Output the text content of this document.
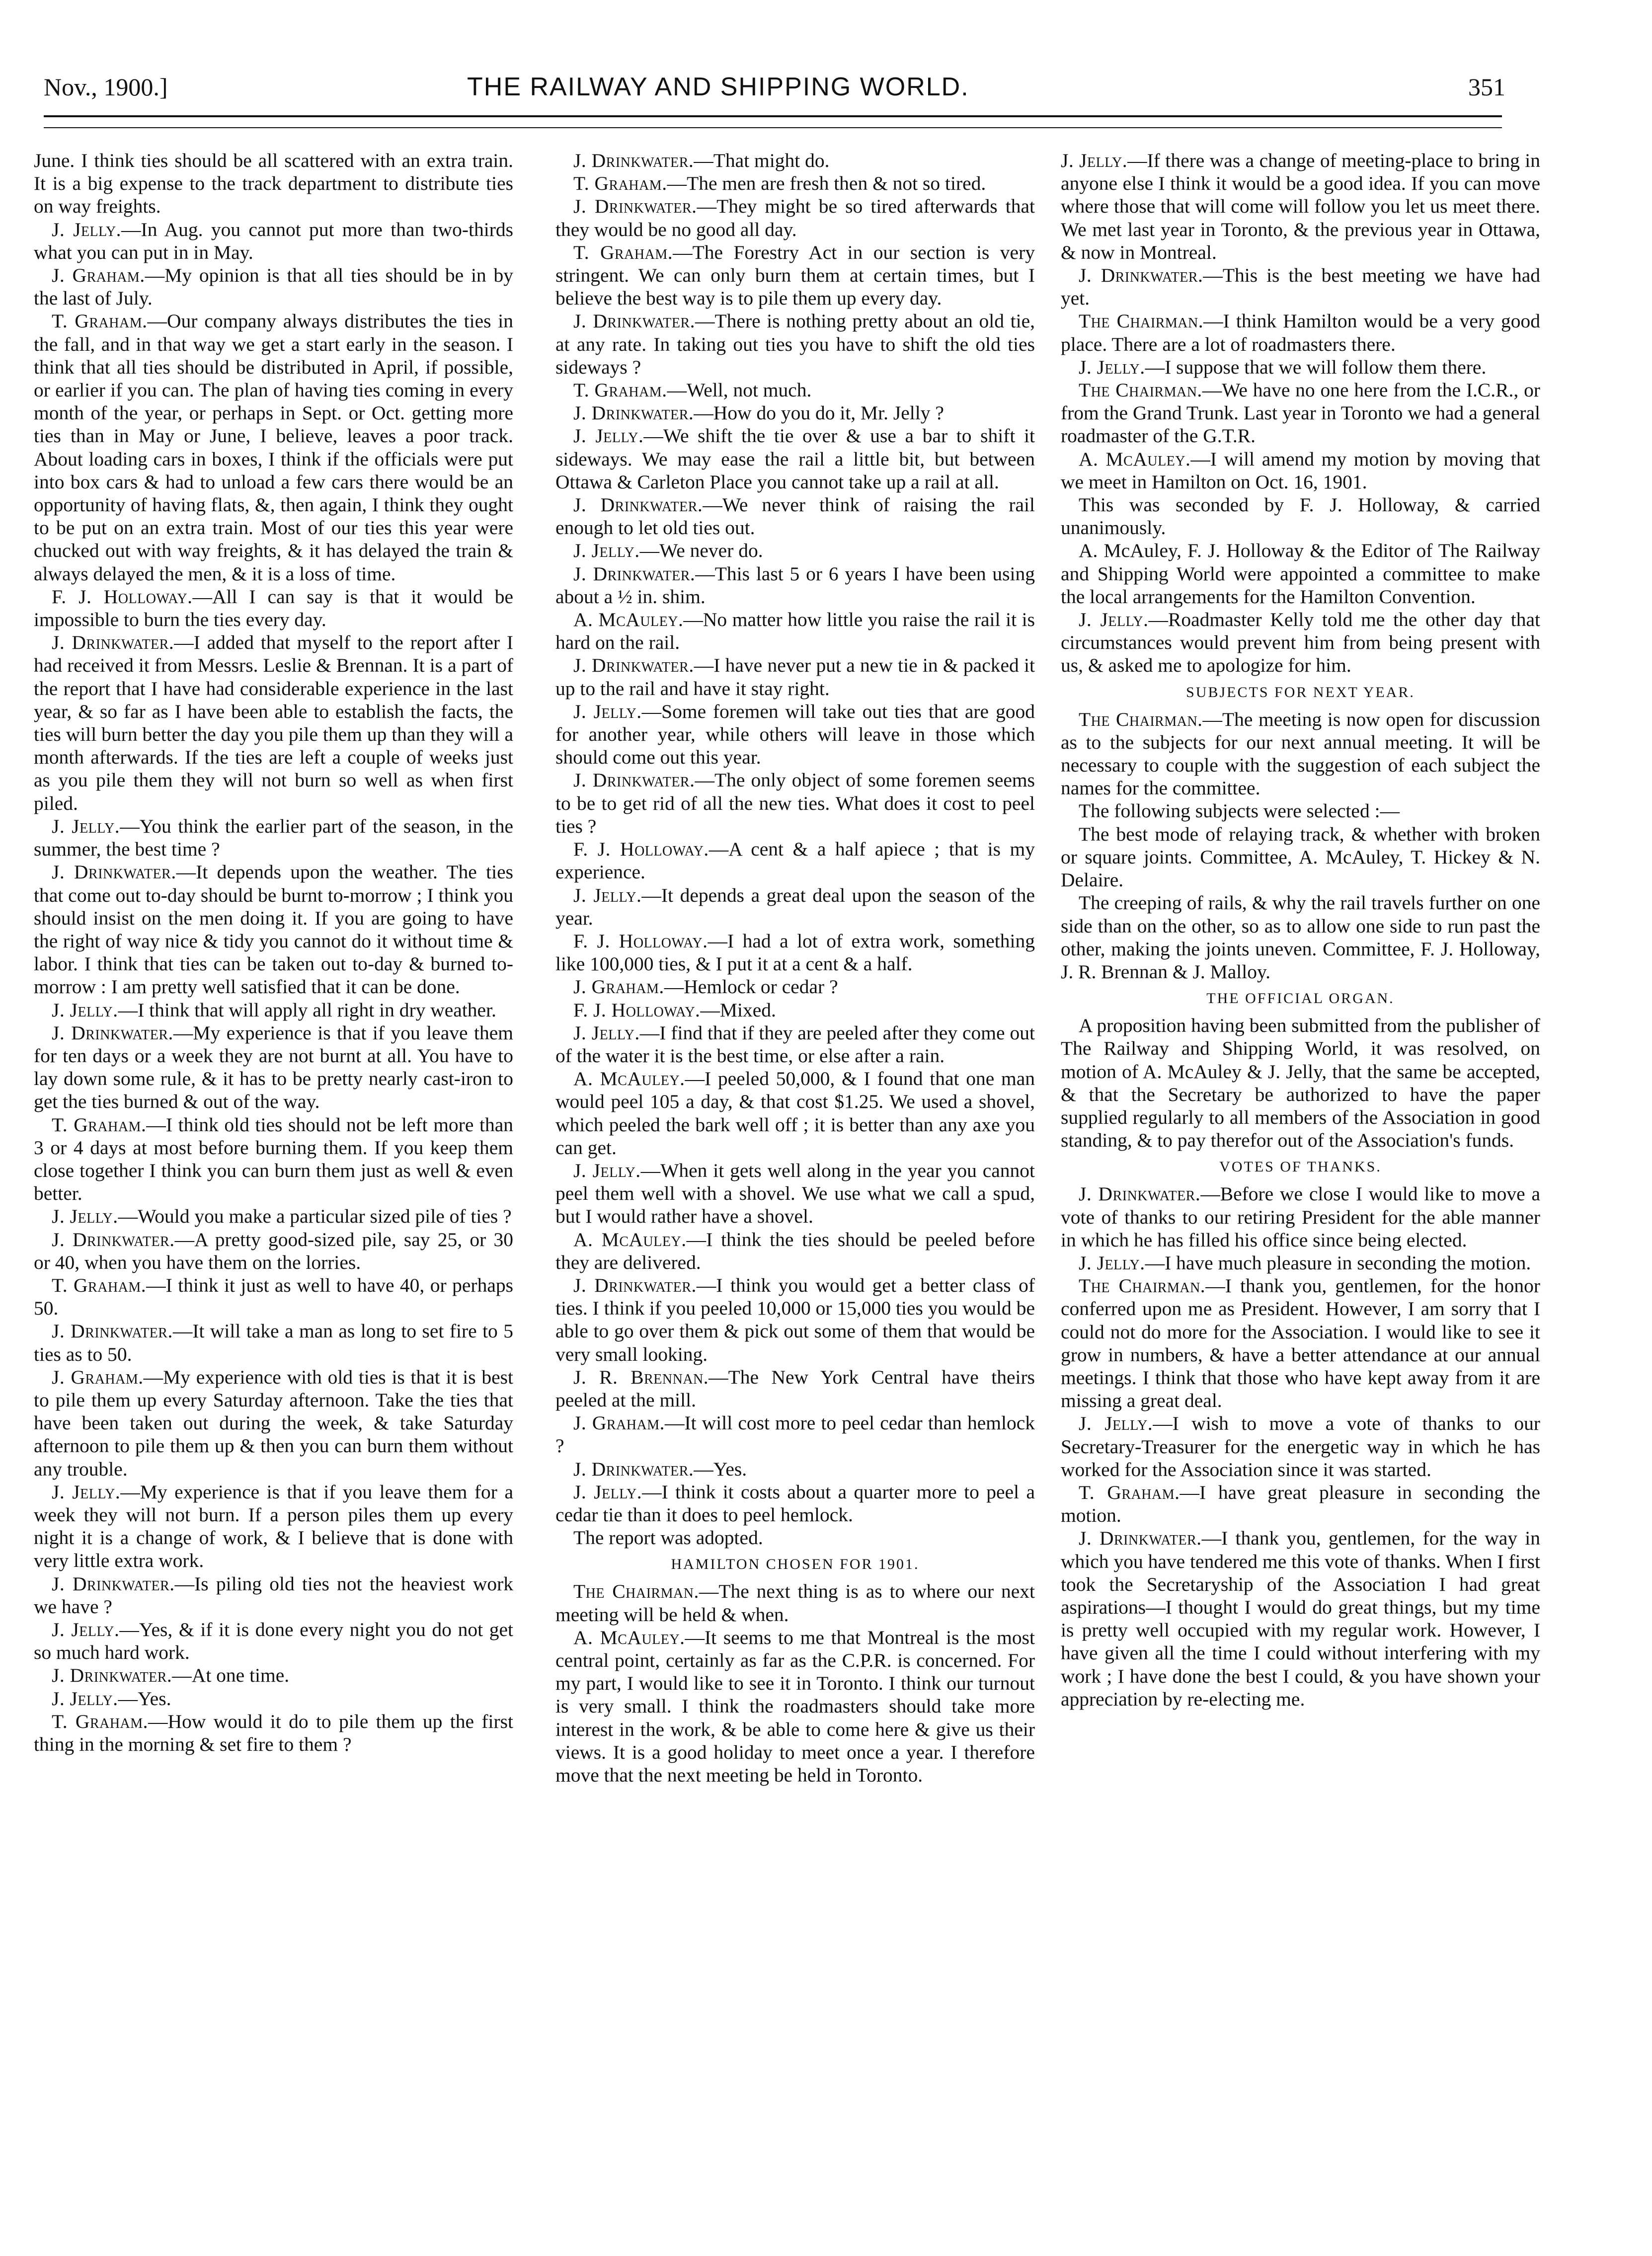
Nov., 1900.]	THE RAILWAY AND SHIPPING WORLD.	351

June. I think ties should be all scattered with an extra train. It is a big expense to the track department to distribute ties on way freights.

J. Jelly.—In Aug. you cannot put more than two-thirds what you can put in in May.

J. Graham.—My opinion is that all ties should be in by the last of July.

T. Graham.—Our company always distributes the ties in the fall, and in that way we get a start early in the season. I think that all ties should be distributed in April, if possible, or earlier if you can. The plan of having ties coming in every month of the year, or perhaps in Sept. or Oct. getting more ties than in May or June, I believe, leaves a poor track. About loading cars in boxes, I think if the officials were put into box cars & had to unload a few cars there would be an opportunity of having flats, &, then again, I think they ought to be put on an extra train. Most of our ties this year were chucked out with way freights, & it has delayed the train & always delayed the men, & it is a loss of time.

F. J. Holloway.—All I can say is that it would be impossible to burn the ties every day.

J. Drinkwater.—I added that myself to the report after I had received it from Messrs. Leslie & Brennan. It is a part of the report that I have had considerable experience in the last year, & so far as I have been able to establish the facts, the ties will burn better the day you pile them up than they will a month afterwards. If the ties are left a couple of weeks just as you pile them they will not burn so well as when first piled.

J. Jelly.—You think the earlier part of the season, in the summer, the best time ?

J. Drinkwater.—It depends upon the weather. The ties that come out to-day should be burnt to-morrow ; I think you should insist on the men doing it. If you are going to have the right of way nice & tidy you cannot do it without time & labor. I think that ties can be taken out to-day & burned to-morrow : I am pretty well satisfied that it can be done.

J. Jelly.—I think that will apply all right in dry weather.

J. Drinkwater.—My experience is that if you leave them for ten days or a week they are not burnt at all. You have to lay down some rule, & it has to be pretty nearly cast-iron to get the ties burned & out of the way.

T. Graham.—I think old ties should not be left more than 3 or 4 days at most before burning them. If you keep them close together I think you can burn them just as well & even better.

J. Jelly.—Would you make a particular sized pile of ties ?

J. Drinkwater.—A pretty good-sized pile, say 25, or 30 or 40, when you have them on the lorries.

T. Graham.—I think it just as well to have 40, or perhaps 50.

J. Drinkwater.—It will take a man as long to set fire to 5 ties as to 50.

J. Graham.—My experience with old ties is that it is best to pile them up every Saturday afternoon. Take the ties that have been taken out during the week, & take Saturday afternoon to pile them up & then you can burn them without any trouble.

J. Jelly.—My experience is that if you leave them for a week they will not burn. If a person piles them up every night it is a change of work, & I believe that is done with very little extra work.

J. Drinkwater.—Is piling old ties not the heaviest work we have ?

J. Jelly.—Yes, & if it is done every night you do not get so much hard work.

J. Drinkwater.—At one time.

J. Jelly.—Yes.

T. Graham.—How would it do to pile them up the first thing in the morning & set fire to them ?

J. Drinkwater.—That might do.

T. Graham.—The men are fresh then & not so tired.

J. Drinkwater.—They might be so tired afterwards that they would be no good all day.

T. Graham.—The Forestry Act in our section is very stringent. We can only burn them at certain times, but I believe the best way is to pile them up every day.

J. Drinkwater.—There is nothing pretty about an old tie, at any rate. In taking out ties you have to shift the old ties sideways ?

T. Graham.—Well, not much.

J. Drinkwater.—How do you do it, Mr. Jelly ?

J. Jelly.—We shift the tie over & use a bar to shift it sideways. We may ease the rail a little bit, but between Ottawa & Carleton Place you cannot take up a rail at all.

J. Drinkwater.—We never think of raising the rail enough to let old ties out.

J. Jelly.—We never do.

J. Drinkwater.—This last 5 or 6 years I have been using about a ½ in. shim.

A. McAuley.—No matter how little you raise the rail it is hard on the rail.

J. Drinkwater.—I have never put a new tie in & packed it up to the rail and have it stay right.

J. Jelly.—Some foremen will take out ties that are good for another year, while others will leave in those which should come out this year.

J. Drinkwater.—The only object of some foremen seems to be to get rid of all the new ties. What does it cost to peel ties ?

F. J. Holloway.—A cent & a half apiece ; that is my experience.

J. Jelly.—It depends a great deal upon the season of the year.

F. J. Holloway.—I had a lot of extra work, something like 100,000 ties, & I put it at a cent & a half.

J. Graham.—Hemlock or cedar ?

F. J. Holloway.—Mixed.

J. Jelly.—I find that if they are peeled after they come out of the water it is the best time, or else after a rain.

A. McAuley.—I peeled 50,000, & I found that one man would peel 105 a day, & that cost $1.25. We used a shovel, which peeled the bark well off ; it is better than any axe you can get.

J. Jelly.—When it gets well along in the year you cannot peel them well with a shovel. We use what we call a spud, but I would rather have a shovel.

A. McAuley.—I think the ties should be peeled before they are delivered.

J. Drinkwater.—I think you would get a better class of ties. I think if you peeled 10,000 or 15,000 ties you would be able to go over them & pick out some of them that would be very small looking.

J. R. Brennan.—The New York Central have theirs peeled at the mill.

J. Graham.—It will cost more to peel cedar than hemlock ?

J. Drinkwater.—Yes.

J. Jelly.—I think it costs about a quarter more to peel a cedar tie than it does to peel hemlock.

The report was adopted.

HAMILTON CHOSEN FOR 1901.

The Chairman.—The next thing is as to where our next meeting will be held & when.

A. McAuley.—It seems to me that Montreal is the most central point, certainly as far as the C.P.R. is concerned. For my part, I would like to see it in Toronto. I think our turnout is very small. I think the roadmasters should take more interest in the work, & be able to come here & give us their views. It is a good holiday to meet once a year. I therefore move that the next meeting be held in Toronto.

J. Jelly.—If there was a change of meeting-place to bring in anyone else I think it would be a good idea. If you can move where those that will come will follow you let us meet there. We met last year in Toronto, & the previous year in Ottawa, & now in Montreal.

J. Drinkwater.—This is the best meeting we have had yet.

The Chairman.—I think Hamilton would be a very good place. There are a lot of roadmasters there.

J. Jelly.—I suppose that we will follow them there.

The Chairman.—We have no one here from the I.C.R., or from the Grand Trunk. Last year in Toronto we had a general roadmaster of the G.T.R.

A. McAuley.—I will amend my motion by moving that we meet in Hamilton on Oct. 16, 1901.

This was seconded by F. J. Holloway, & carried unanimously.

A. McAuley, F. J. Holloway & the Editor of The Railway and Shipping World were appointed a committee to make the local arrangements for the Hamilton Convention.

J. Jelly.—Roadmaster Kelly told me the other day that circumstances would prevent him from being present with us, & asked me to apologize for him.

SUBJECTS FOR NEXT YEAR.

The Chairman.—The meeting is now open for discussion as to the subjects for our next annual meeting. It will be necessary to couple with the suggestion of each subject the names for the committee.

The following subjects were selected :—

The best mode of relaying track, & whether with broken or square joints. Committee, A. McAuley, T. Hickey & N. Delaire.

The creeping of rails, & why the rail travels further on one side than on the other, so as to allow one side to run past the other, making the joints uneven. Committee, F. J. Holloway, J. R. Brennan & J. Malloy.

THE OFFICIAL ORGAN.

A proposition having been submitted from the publisher of The Railway and Shipping World, it was resolved, on motion of A. McAuley & J. Jelly, that the same be accepted, & that the Secretary be authorized to have the paper supplied regularly to all members of the Association in good standing, & to pay therefor out of the Association's funds.

VOTES OF THANKS.

J. Drinkwater.—Before we close I would like to move a vote of thanks to our retiring President for the able manner in which he has filled his office since being elected.

J. Jelly.—I have much pleasure in seconding the motion.

The Chairman.—I thank you, gentlemen, for the honor conferred upon me as President. However, I am sorry that I could not do more for the Association. I would like to see it grow in numbers, & have a better attendance at our annual meetings. I think that those who have kept away from it are missing a great deal.

J. Jelly.—I wish to move a vote of thanks to our Secretary-Treasurer for the energetic way in which he has worked for the Association since it was started.

T. Graham.—I have great pleasure in seconding the motion.

J. Drinkwater.—I thank you, gentlemen, for the way in which you have tendered me this vote of thanks. When I first took the Secretaryship of the Association I had great aspirations—I thought I would do great things, but my time is pretty well occupied with my regular work. However, I have given all the time I could without interfering with my work ; I have done the best I could, & you have shown your appreciation by re-electing me.
